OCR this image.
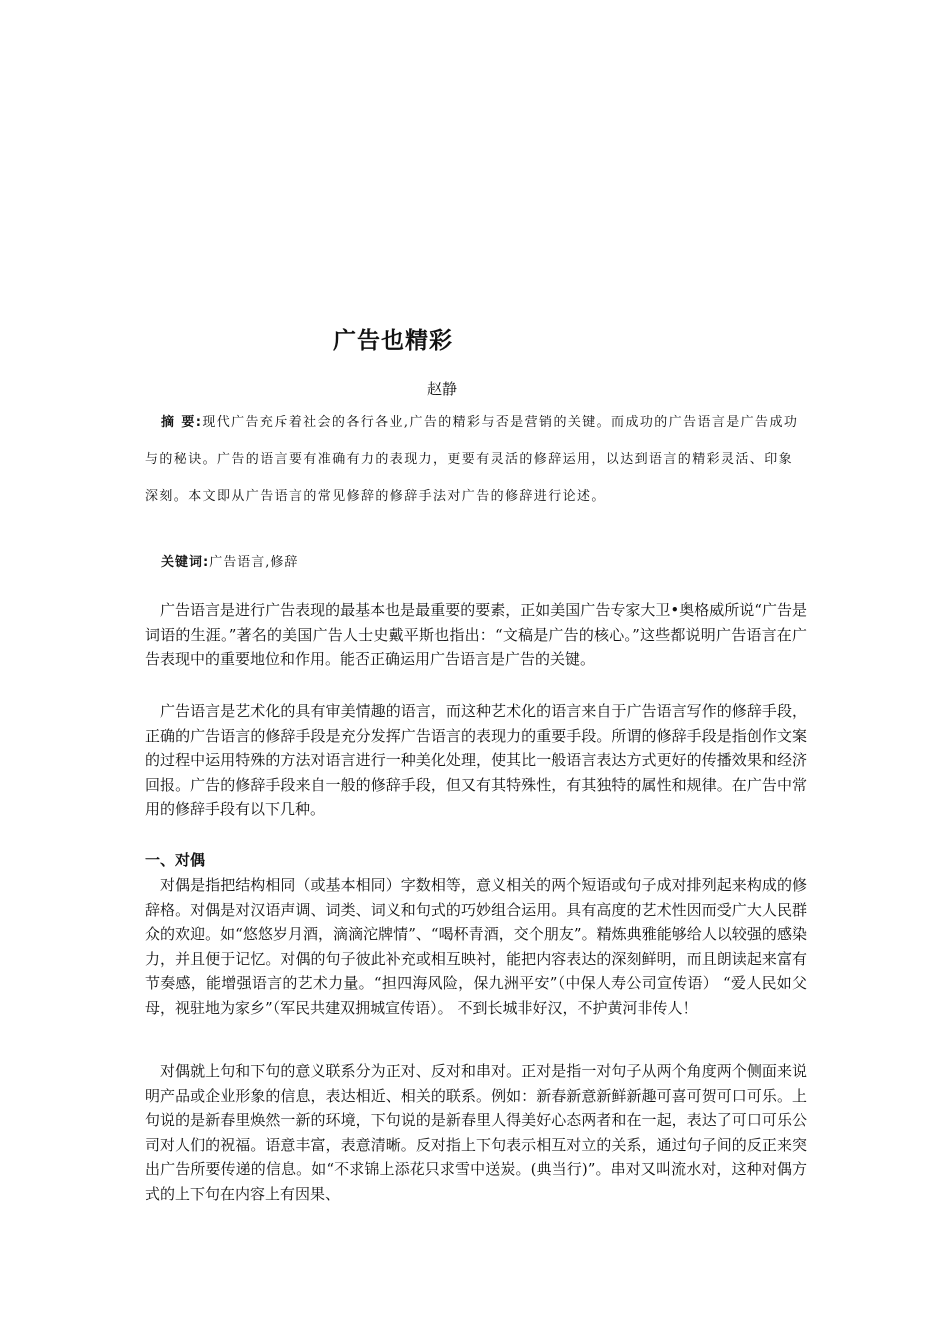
广告也精彩
赵静

摘 要:现代广告充斥着社会的各行各业,广告的精彩与否是营销的关键。而成功的广告语言是广告成功与的秘诀。广告的语言要有准确有力的表现力，更要有灵活的修辞运用，以达到语言的精彩灵活、印象深刻。本文即从广告语言的常见修辞的修辞手法对广告的修辞进行论述。

关键词:广告语言,修辞

广告语言是进行广告表现的最基本也是最重要的要素，正如美国广告专家大卫•奥格威所说“广告是词语的生涯。”著名的美国广告人士史戴平斯也指出：“文稿是广告的核心。”这些都说明广告语言在广告表现中的重要地位和作用。能否正确运用广告语言是广告的关键。

广告语言是艺术化的具有审美情趣的语言，而这种艺术化的语言来自于广告语言写作的修辞手段，正确的广告语言的修辞手段是充分发挥广告语言的表现力的重要手段。所谓的修辞手段是指创作文案的过程中运用特殊的方法对语言进行一种美化处理，使其比一般语言表达方式更好的传播效果和经济回报。广告的修辞手段来自一般的修辞手段，但又有其特殊性，有其独特的属性和规律。在广告中常用的修辞手段有以下几种。

一、对偶

对偶是指把结构相同（或基本相同）字数相等，意义相关的两个短语或句子成对排列起来构成的修辞格。对偶是对汉语声调、词类、词义和句式的巧妙组合运用。具有高度的艺术性因而受广大人民群众的欢迎。如“悠悠岁月酒，滴滴沱牌情”、“喝杯青酒，交个朋友”。精炼典雅能够给人以较强的感染力，并且便于记忆。对偶的句子彼此补充或相互映衬，能把内容表达的深刻鲜明，而且朗读起来富有节奏感，能增强语言的艺术力量。“担四海风险，保九洲平安”（中保人寿公司宣传语） “爱人民如父母，视驻地为家乡”（军民共建双拥城宣传语）。 不到长城非好汉，不护黄河非传人！

对偶就上句和下句的意义联系分为正对、反对和串对。正对是指一对句子从两个角度两个侧面来说明产品或企业形象的信息，表达相近、相关的联系。例如：新春新意新鲜新趣可喜可贺可口可乐。上句说的是新春里焕然一新的环境，下句说的是新春里人得美好心态两者和在一起，表达了可口可乐公司对人们的祝福。语意丰富，表意清晰。反对指上下句表示相互对立的关系，通过句子间的反正来突出广告所要传递的信息。如“不求锦上添花只求雪中送炭。(典当行)”。串对又叫流水对，这种对偶方式的上下句在内容上有因果、
